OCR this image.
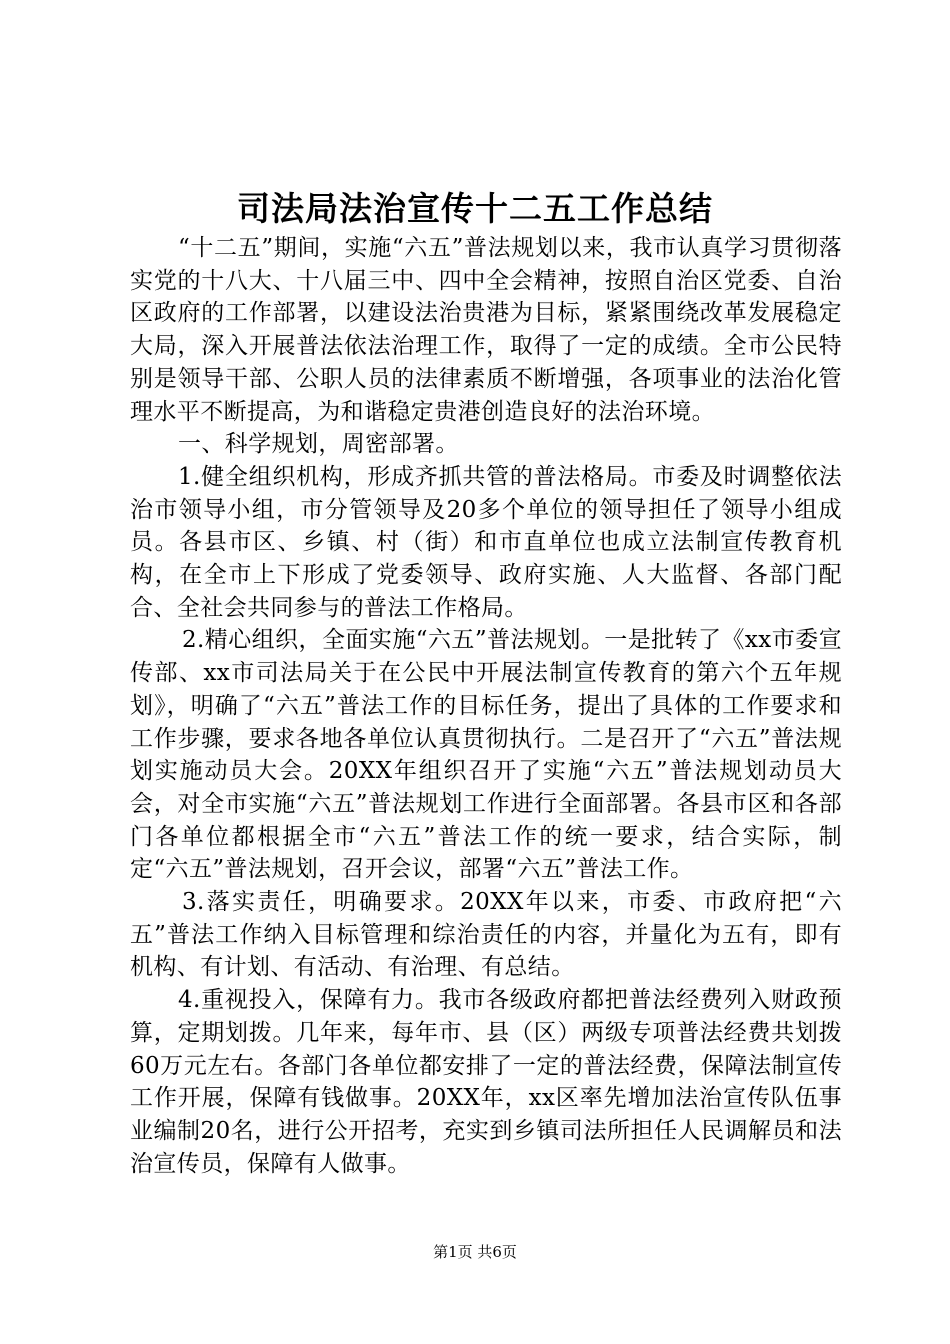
司法局法治宣传十二五工作总结

“十二五”期间，实施“六五”普法规划以来，我市认真学习贯彻落实党的十八大、十八届三中、四中全会精神，按照自治区党委、自治区政府的工作部署，以建设法治贵港为目标，紧紧围绕改革发展稳定大局，深入开展普法依法治理工作，取得了一定的成绩。全市公民特别是领导干部、公职人员的法律素质不断增强，各项事业的法治化管理水平不断提高，为和谐稳定贵港创造良好的法治环境。

一、科学规划，周密部署。

1.健全组织机构，形成齐抓共管的普法格局。市委及时调整依法治市领导小组，市分管领导及20多个单位的领导担任了领导小组成员。各县市区、乡镇、村（街）和市直单位也成立法制宣传教育机构，在全市上下形成了党委领导、政府实施、人大监督、各部门配合、全社会共同参与的普法工作格局。

2.精心组织，全面实施“六五”普法规划。一是批转了《xx市委宣传部、xx市司法局关于在公民中开展法制宣传教育的第六个五年规划》，明确了“六五”普法工作的目标任务，提出了具体的工作要求和工作步骤，要求各地各单位认真贯彻执行。二是召开了“六五”普法规划实施动员大会。20XX年组织召开了实施“六五”普法规划动员大会，对全市实施“六五”普法规划工作进行全面部署。各县市区和各部门各单位都根据全市“六五”普法工作的统一要求，结合实际，制定“六五”普法规划，召开会议，部署“六五”普法工作。

3.落实责任，明确要求。20XX年以来，市委、市政府把“六五”普法工作纳入目标管理和综治责任的内容，并量化为五有，即有机构、有计划、有活动、有治理、有总结。

4.重视投入，保障有力。我市各级政府都把普法经费列入财政预算，定期划拨。几年来，每年市、县（区）两级专项普法经费共划拨60万元左右。各部门各单位都安排了一定的普法经费，保障法制宣传工作开展，保障有钱做事。20XX年，xx区率先增加法治宣传队伍事业编制20名，进行公开招考，充实到乡镇司法所担任人民调解员和法治宣传员，保障有人做事。

第1页 共6页
